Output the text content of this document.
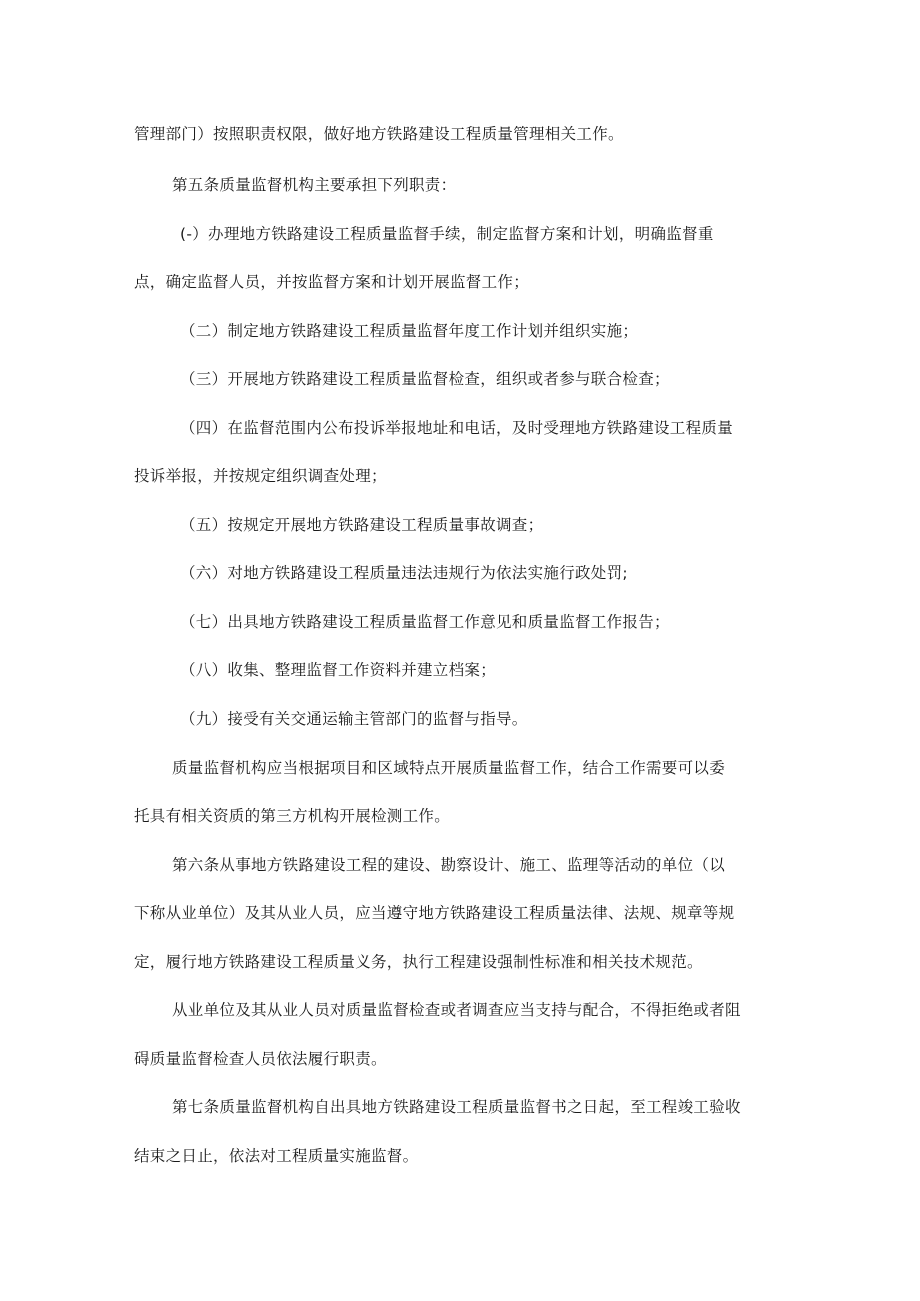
管理部门）按照职责权限，做好地方铁路建设工程质量管理相关工作。
第五条质量监督机构主要承担下列职责：
(-）办理地方铁路建设工程质量监督手续，制定监督方案和计划，明确监督重
点，确定监督人员，并按监督方案和计划开展监督工作；
（二）制定地方铁路建设工程质量监督年度工作计划并组织实施；
（三）开展地方铁路建设工程质量监督检查，组织或者参与联合检查；
（四）在监督范围内公布投诉举报地址和电话，及时受理地方铁路建设工程质量
投诉举报，并按规定组织调查处理；
（五）按规定开展地方铁路建设工程质量事故调查；
（六）对地方铁路建设工程质量违法违规行为依法实施行政处罚;
（七）出具地方铁路建设工程质量监督工作意见和质量监督工作报告；
（八）收集、整理监督工作资料并建立档案；
（九）接受有关交通运输主管部门的监督与指导。
质量监督机构应当根据项目和区域特点开展质量监督工作，结合工作需要可以委
托具有相关资质的第三方机构开展检测工作。
第六条从事地方铁路建设工程的建设、勘察设计、施工、监理等活动的单位（以
下称从业单位）及其从业人员，应当遵守地方铁路建设工程质量法律、法规、规章等规
定，履行地方铁路建设工程质量义务，执行工程建设强制性标准和相关技术规范。
从业单位及其从业人员对质量监督检查或者调查应当支持与配合，不得拒绝或者阻
碍质量监督检查人员依法履行职责。
第七条质量监督机构自出具地方铁路建设工程质量监督书之日起，至工程竣工验收
结束之日止，依法对工程质量实施监督。
